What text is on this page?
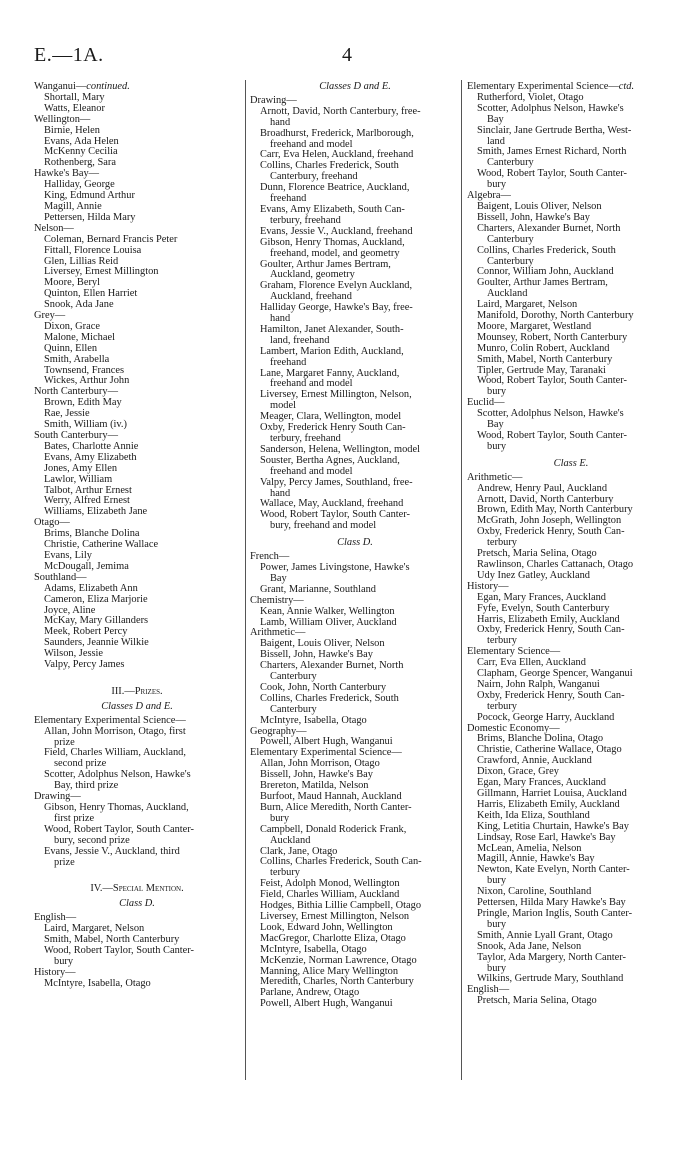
E.—1A.	4
Wanganui—continued.
Shortall, Mary
Watts, Eleanor
Wellington—
Birnie, Helen
Evans, Ada Helen
McKenny Cecilia
Rothenberg, Sara
Hawke's Bay—
Halliday, George
King, Edmund Arthur
Magill, Annie
Pettersen, Hilda Mary
Nelson—
Coleman, Bernard Francis Peter
Fittall, Florence Louisa
Glen, Lillias Reid
Liversey, Ernest Millington
Moore, Beryl
Quinton, Ellen Harriet
Snook, Ada Jane
Grey—
Dixon, Grace
Malone, Michael
Quinn, Ellen
Smith, Arabella
Townsend, Frances
Wickes, Arthur John
North Canterbury—
Brown, Edith May
Rae, Jessie
Smith, William (iv.)
South Canterbury—
Bates, Charlotte Annie
Evans, Amy Elizabeth
Jones, Amy Ellen
Lawlor, William
Talbot, Arthur Ernest
Werry, Alfred Ernest
Williams, Elizabeth Jane
Otago—
Brims, Blanche Dolina
Christie, Catherine Wallace
Evans, Lily
McDougall, Jemima
Southland—
Adams, Elizabeth Ann
Cameron, Eliza Marjorie
Joyce, Aline
McKay, Mary Gillanders
Meek, Robert Percy
Saunders, Jeannie Wilkie
Wilson, Jessie
Valpy, Percy James
III.—Prizes.
Classes D and E.
Elementary Experimental Science—
Allan, John Morrison, Otago, first
prize
Field, Charles William, Auckland,
second prize
Scotter, Adolphus Nelson, Hawke's
Bay, third prize
Drawing—
Gibson, Henry Thomas, Auckland,
first prize
Wood, Robert Taylor, South Canter-
bury, second prize
Evans, Jessie V., Auckland, third
prize
IV.—Special Mention.
Class D.
English—
Laird, Margaret, Nelson
Smith, Mabel, North Canterbury
Wood, Robert Taylor, South Canter-
bury
History—
McIntyre, Isabella, Otago
Classes D and E.
Drawing—
Arnott, David, North Canterbury, free-
hand
Broadhurst, Frederick, Marlborough,
freehand and model
Carr, Eva Helen, Auckland, freehand
Collins, Charles Frederick, South
Canterbury, freehand
Dunn, Florence Beatrice, Auckland,
freehand
Evans, Amy Elizabeth, South Can-
terbury, freehand
Evans, Jessie V., Auckland, freehand
Gibson, Henry Thomas, Auckland,
freehand, model, and geometry
Goulter, Arthur James Bertram,
Auckland, geometry
Graham, Florence Evelyn Auckland,
Auckland, freehand
Halliday George, Hawke's Bay, free-
hand
Hamilton, Janet Alexander, South-
land, freehand
Lambert, Marion Edith, Auckland,
freehand
Lane, Margaret Fanny, Auckland,
freehand and model
Liversey, Ernest Millington, Nelson,
model
Meager, Clara, Wellington, model
Oxby, Frederick Henry South Can-
terbury, freehand
Sanderson, Helena, Wellington, model
Souster, Bertha Agnes, Auckland,
freehand and model
Valpy, Percy James, Southland, free-
hand
Wallace, May, Auckland, freehand
Wood, Robert Taylor, South Canter-
bury, freehand and model
Class D.
French—
Power, James Livingstone, Hawke's
Bay
Grant, Marianne, Southland
Chemistry—
Kean, Annie Walker, Wellington
Lamb, William Oliver, Auckland
Arithmetic—
Baigent, Louis Oliver, Nelson
Bissell, John, Hawke's Bay
Charters, Alexander Burnet, North
Canterbury
Cook, John, North Canterbury
Collins, Charles Frederick, South
Canterbury
McIntyre, Isabella, Otago
Geography—
Powell, Albert Hugh, Wanganui
Elementary Experimental Science—
Allan, John Morrison, Otago
Bissell, John, Hawke's Bay
Brereton, Matilda, Nelson
Burfoot, Maud Hannah, Auckland
Burn, Alice Meredith, North Canter-
bury
Campbell, Donald Roderick Frank,
Auckland
Clark, Jane, Otago
Collins, Charles Frederick, South Can-
terbury
Feist, Adolph Monod, Wellington
Field, Charles William, Auckland
Hodges, Bithia Lillie Campbell, Otago
Liversey, Ernest Millington, Nelson
Look, Edward John, Wellington
MacGregor, Charlotte Eliza, Otago
McIntyre, Isabella, Otago
McKenzie, Norman Lawrence, Otago
Manning, Alice Mary Wellington
Meredith, Charles, North Canterbury
Parlane, Andrew, Otago
Powell, Albert Hugh, Wanganui
Elementary Experimental Science—ctd.
Rutherford, Violet, Otago
Scotter, Adolphus Nelson, Hawke's
Bay
Sinclair, Jane Gertrude Bertha, West-
land
Smith, James Ernest Richard, North
Canterbury
Wood, Robert Taylor, South Canter-
bury
Algebra—
Baigent, Louis Oliver, Nelson
Bissell, John, Hawke's Bay
Charters, Alexander Burnet, North
Canterbury
Collins, Charles Frederick, South
Canterbury
Connor, William John, Auckland
Goulter, Arthur James Bertram,
Auckland
Laird, Margaret, Nelson
Manifold, Dorothy, North Canterbury
Moore, Margaret, Westland
Mounsey, Robert, North Canterbury
Munro, Colin Robert, Auckland
Smith, Mabel, North Canterbury
Tipler, Gertrude May, Taranaki
Wood, Robert Taylor, South Canter-
bury
Euclid—
Scotter, Adolphus Nelson, Hawke's
Bay
Wood, Robert Taylor, South Canter-
bury
Class E.
Arithmetic—
Andrew, Henry Paul, Auckland
Arnott, David, North Canterbury
Brown, Edith May, North Canterbury
McGrath, John Joseph, Wellington
Oxby, Frederick Henry, South Can-
terbury
Pretsch, Maria Selina, Otago
Rawlinson, Charles Cattanach, Otago
Udy Inez Gatley, Auckland
History—
Egan, Mary Frances, Auckland
Fyfe, Evelyn, South Canterbury
Harris, Elizabeth Emily, Auckland
Oxby, Frederick Henry, South Can-
terbury
Elementary Science—
Carr, Eva Ellen, Auckland
Clapham, George Spencer, Wanganui
Nairn, John Ralph, Wanganui
Oxby, Frederick Henry, South Can-
terbury
Pocock, George Harry, Auckland
Domestic Economy—
Brims, Blanche Dolina, Otago
Christie, Catherine Wallace, Otago
Crawford, Annie, Auckland
Dixon, Grace, Grey
Egan, Mary Frances, Auckland
Gillmann, Harriet Louisa, Auckland
Harris, Elizabeth Emily, Auckland
Keith, Ida Eliza, Southland
King, Letitia Churtain, Hawke's Bay
Lindsay, Rose Earl, Hawke's Bay
McLean, Amelia, Nelson
Magill, Annie, Hawke's Bay
Newton, Kate Evelyn, North Canter-
bury
Nixon, Caroline, Southland
Pettersen, Hilda Mary Hawke's Bay
Pringle, Marion Inglis, South Canter-
bury
Smith, Annie Lyall Grant, Otago
Snook, Ada Jane, Nelson
Taylor, Ada Margery, North Canter-
bury
Wilkins, Gertrude Mary, Southland
English—
Pretsch, Maria Selina, Otago
